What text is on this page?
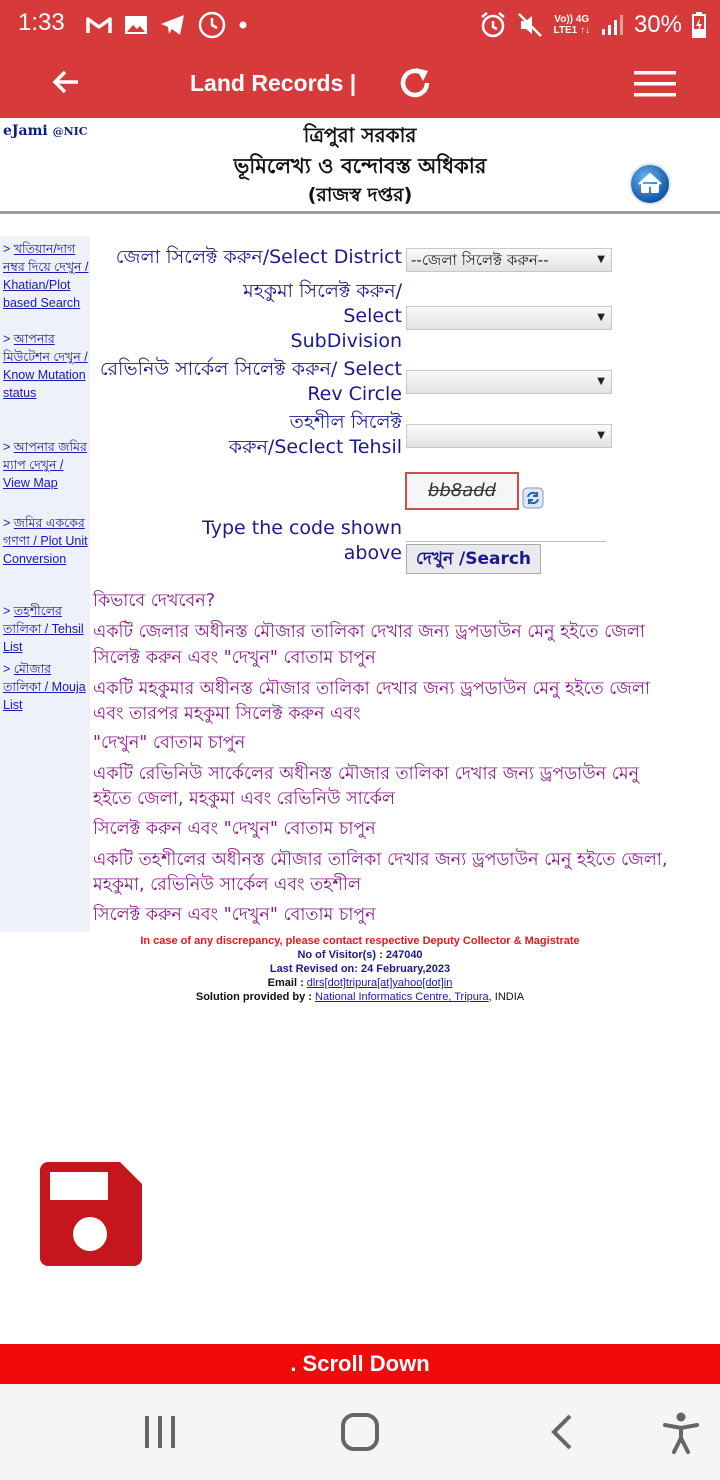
1:33	Vo)) 4G
LTE1 ↑↓ 30%
Land Records |
eJami @NIC	ত্রিপুরা সরকার
ভূমিলেখ্য ও বন্দোবস্ত অধিকার
(রাজস্ব দপ্তর)
> খতিয়ান/দাগ নম্বর দিয়ে দেখুন / Khatian/Plot based Search
> আপনার মিউটেশন দেখুন / Know Mutation status
> আপনার জমির ম্যাপ দেখুন / View Map
> জমির এককের গণণা / Plot Unit Conversion
> তহশীলের তালিকা / Tehsil List
> মৌজার তালিকা / Mouja List
জেলা সিলেক্ট করুন/Select District --জেলা সিলেক্ট করুন--	▼
মহকুমা সিলেক্ট করুন/ Select SubDivision
▼
রেভিনিউ সার্কেল সিলেক্ট করুন/ Select Rev Circle
▼
তহশীল সিলেক্ট করুন/Seclect Tehsil
▼
bb8add
Type the code shown above দেখুন /Search
কিভাবে দেখবেন?
একটি জেলার অধীনস্ত মৌজার তালিকা দেখার জন্য ড্রপডাউন মেনু হইতে জেলা
সিলেক্ট করুন এবং "দেখুন" বোতাম চাপুন
একটি মহকুমার অধীনস্ত মৌজার তালিকা দেখার জন্য ড্রপডাউন মেনু হইতে জেলা
এবং তারপর মহকুমা সিলেক্ট করুন এবং
"দেখুন" বোতাম চাপুন
একটি রেভিনিউ সার্কেলের অধীনস্ত মৌজার তালিকা দেখার জন্য ড্রপডাউন মেনু
হইতে জেলা, মহকুমা এবং রেভিনিউ সার্কেল
সিলেক্ট করুন এবং "দেখুন" বোতাম চাপুন
একটি তহশীলের অধীনস্ত মৌজার তালিকা দেখার জন্য ড্রপডাউন মেনু হইতে জেলা,
মহকুমা, রেভিনিউ সার্কেল এবং তহশীল
সিলেক্ট করুন এবং "দেখুন" বোতাম চাপুন
In case of any discrepancy, please contact respective Deputy Collector & Magistrate
No of Visitor(s) : 247040
Last Revised on: 24 February,2023
Email : dlrs[dot]tripura[at]yahoo[dot]in
Solution provided by : National Informatics Centre, Tripura, INDIA
. Scroll Down
